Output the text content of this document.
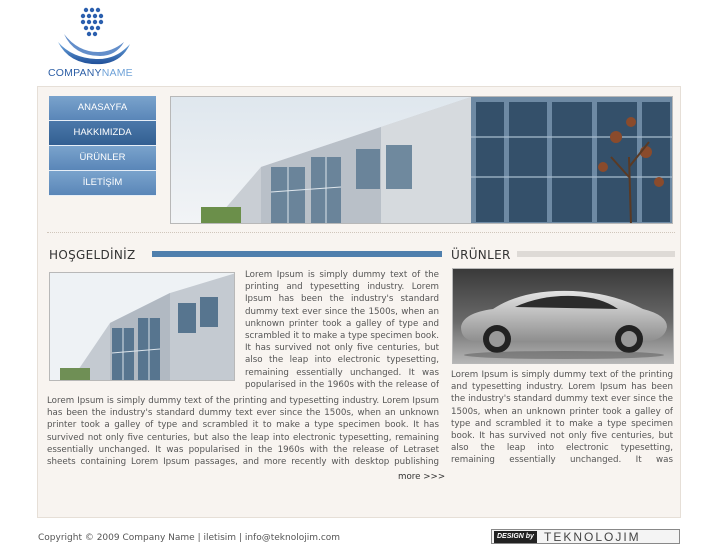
COMPANYNAME
ANASAYFA
HAKKIMIZDA
ÜRÜNLER
İLETİŞİM
HOŞGELDİNİZ	ÜRÜNLER

Lorem Ipsum is simply dummy text of the printing and typesetting industry. Lorem Ipsum has been the industry's standard dummy text ever since the 1500s, when an unknown printer took a galley of type and scrambled it to make a type specimen book. It has survived not only five centuries, but also the leap into electronic typesetting, remaining essentially unchanged. It was popularised in the 1960s with the release of

Lorem Ipsum is simply dummy text of the printing and typesetting industry. Lorem Ipsum has been the industry's standard dummy text ever since the 1500s, when an unknown printer took a galley of type and scrambled it to make a type specimen book. It has survived not only five centuries, but also the leap into electronic typesetting, remaining essentially unchanged. It was popularised in the 1960s with the release of Letraset sheets containing Lorem Ipsum passages, and more recently with desktop publishing

Lorem Ipsum is simply dummy text of the printing and typesetting industry. Lorem Ipsum has been the industry's standard dummy text ever since the 1500s, when an unknown printer took a galley of type and scrambled it to make a type specimen book. It has survived not only five centuries, but also the leap into electronic typesetting, remaining essentially unchanged. It was

more >>>
Copyright © 2009 Company Name | iletisim | info@teknolojim.com	DESIGN by TEKNOLOJIM
